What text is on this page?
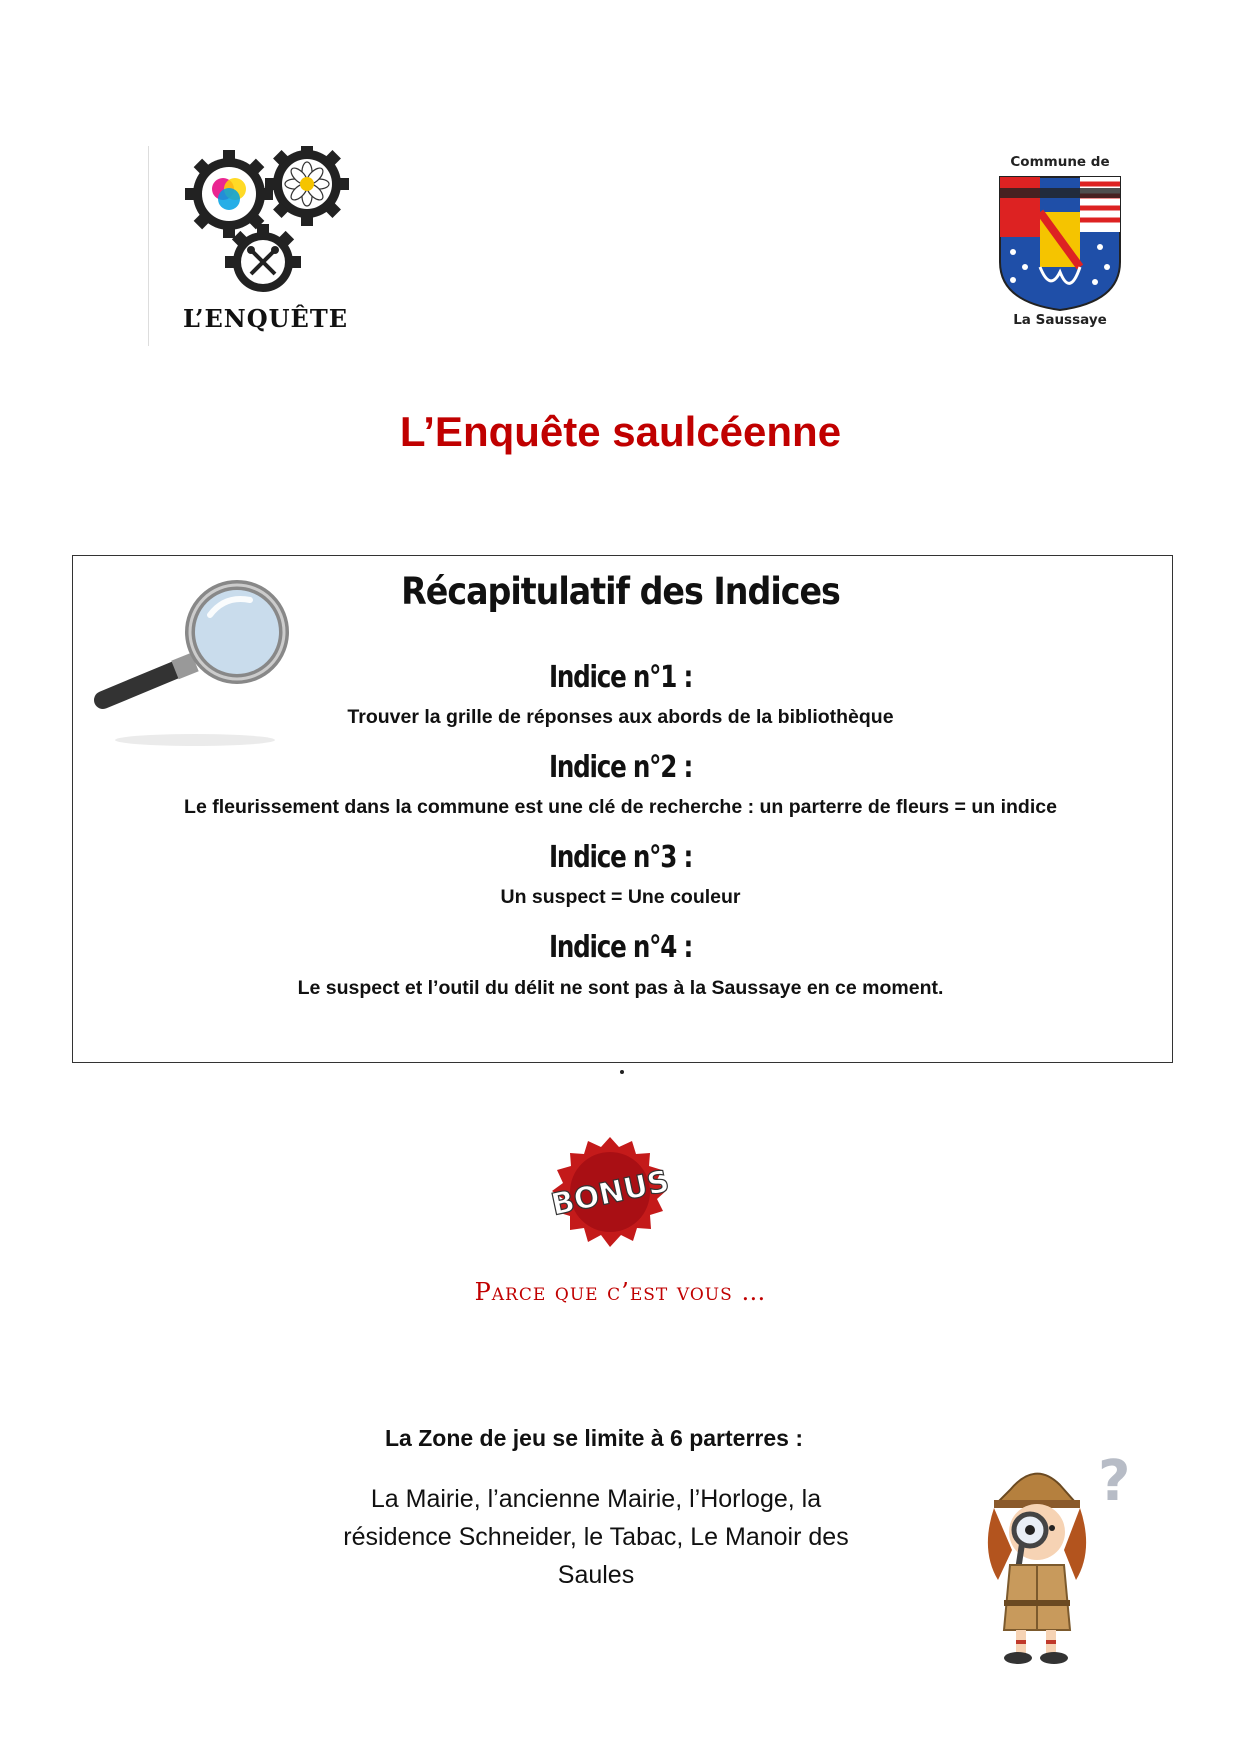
L’ENQUÊTE
Commune de
La Saussaye
L’Enquête saulcéenne
Récapitulatif des Indices
Indice n°1 :
Trouver la grille de réponses aux abords de la bibliothèque
Indice n°2 :
Le fleurissement dans la commune est une clé de recherche : un parterre de fleurs = un indice
Indice n°3 :
Un suspect = Une couleur
Indice n°4 :
Le suspect et l’outil du délit ne sont pas à la Saussaye en ce moment.
BONUS
Parce que c’est vous …
La Zone de jeu se limite à 6 parterres :
La Mairie, l’ancienne Mairie, l’Horloge, la résidence Schneider, le Tabac, Le Manoir des Saules
?
